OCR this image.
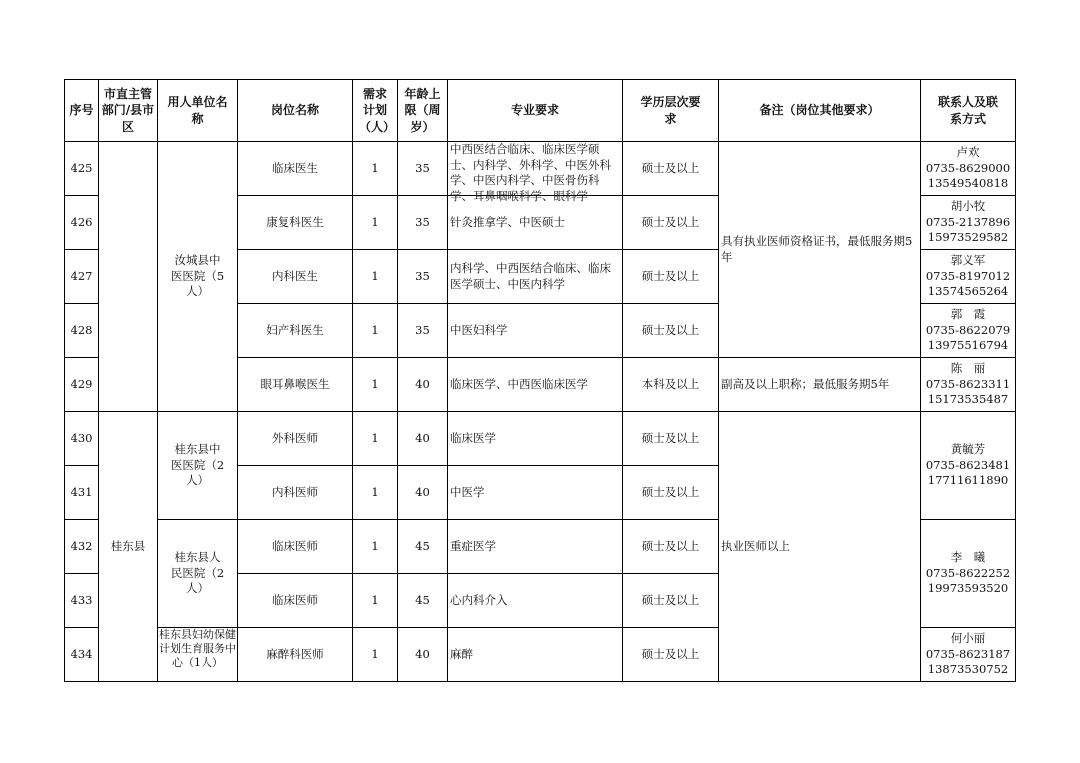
序号	市直主管部门/县市区	用人单位名称	岗位名称	需求计划（人）	年龄上限（周岁）	专业要求	学历层次要求	备注（岗位其他要求）	联系人及联系方式
425		汝城县中医医院（5人）	临床医生	1	35	中西医结合临床、临床医学硕士、内科学、外科学、中医外科学、中医内科学、中医骨伤科学、耳鼻咽喉科学、眼科学	硕士及以上	具有执业医师资格证书，最低服务期5年	卢欢
0735-8629000
13549540818

426			康复科医生	1	35	针灸推拿学、中医硕士	硕士及以上		胡小牧
0735-2137896
15973529582

427			内科医生	1	35	内科学、中西医结合临床、临床医学硕士、中医内科学	硕士及以上		郭义军
0735-8197012
13574565264

428			妇产科医生	1	35	中医妇科学	硕士及以上		郭　霞
0735-8622079
13975516794

429			眼耳鼻喉医生	1	40	临床医学、中西医临床医学	本科及以上	副高及以上职称；最低服务期5年	陈　丽
0735-8623311
15173535487

430	桂东县	桂东县中医医院（2人）	外科医师	1	40	临床医学	硕士及以上	执业医师以上	黄毓芳
0735-8623481
17711611890

431			内科医师	1	40	中医学	硕士及以上		
432		桂东县人民医院（2人）	临床医师	1	45	重症医学	硕士及以上		李　曦
0735-8622252
19973593520

433			临床医师	1	45	心内科介入	硕士及以上		
434		桂东县妇幼保健计划生育服务中心（1人）	麻醉科医师	1	40	麻醉	硕士及以上		何小丽
0735-8623187
13873530752
